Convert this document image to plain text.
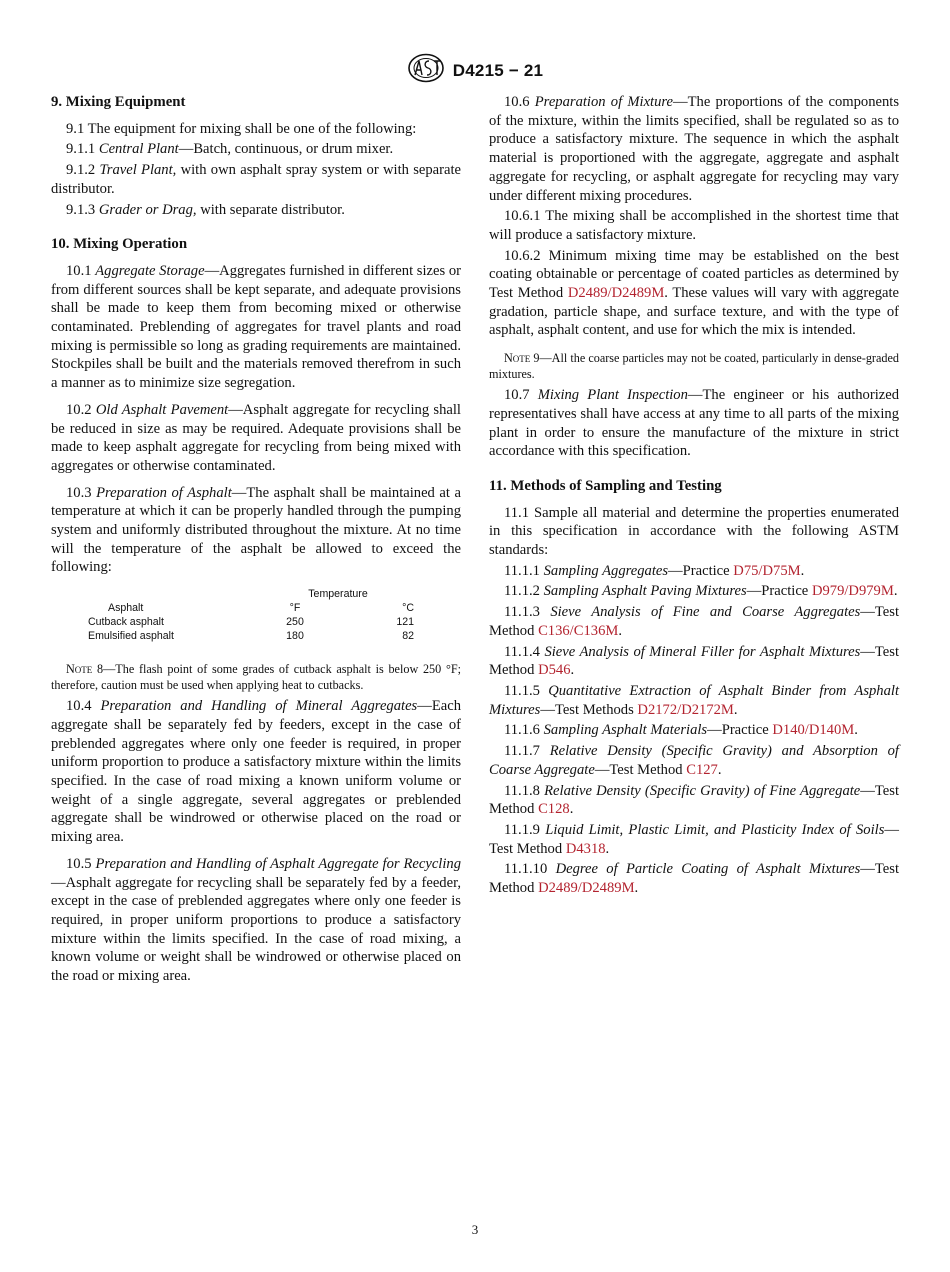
D4215 − 21
9. Mixing Equipment

9.1 The equipment for mixing shall be one of the following:

9.1.1 Central Plant—Batch, continuous, or drum mixer.

9.1.2 Travel Plant, with own asphalt spray system or with separate distributor.

9.1.3 Grader or Drag, with separate distributor.

10. Mixing Operation

10.1 Aggregate Storage—Aggregates furnished in different sizes or from different sources shall be kept separate, and adequate provisions shall be made to keep them from becoming mixed or otherwise contaminated. Preblending of aggregates for travel plants and road mixing is permissible so long as grading requirements are maintained. Stockpiles shall be built and the materials removed therefrom in such a manner as to minimize size segregation.

10.2 Old Asphalt Pavement—Asphalt aggregate for recycling shall be reduced in size as may be required. Adequate provisions shall be made to keep asphalt aggregate for recycling from being mixed with aggregates or otherwise contaminated.

10.3 Preparation of Asphalt—The asphalt shall be maintained at a temperature at which it can be properly handled through the pumping system and uniformly distributed throughout the mixture. At no time will the temperature of the asphalt be allowed to exceed the following:

	Temperature	
Asphalt	°F	°C
Cutback asphalt	250	121
Emulsified asphalt	180	82
Note 8—The flash point of some grades of cutback asphalt is below 250 °F; therefore, caution must be used when applying heat to cutbacks.

10.4 Preparation and Handling of Mineral Aggregates—Each aggregate shall be separately fed by feeders, except in the case of preblended aggregates where only one feeder is required, in proper uniform proportion to produce a satisfactory mixture within the limits specified. In the case of road mixing a known uniform volume or weight of a single aggregate, several aggregates or preblended aggregate shall be windrowed or otherwise placed on the road or mixing area.

10.5 Preparation and Handling of Asphalt Aggregate for Recycling—Asphalt aggregate for recycling shall be separately fed by a feeder, except in the case of preblended aggregates where only one feeder is required, in proper uniform proportions to produce a satisfactory mixture within the limits specified. In the case of road mixing, a known volume or weight shall be windrowed or otherwise placed on the road or mixing area.

10.6 Preparation of Mixture—The proportions of the components of the mixture, within the limits specified, shall be regulated so as to produce a satisfactory mixture. The sequence in which the asphalt material is proportioned with the aggregate, aggregate and asphalt aggregate for recycling, or asphalt aggregate for recycling may vary under different mixing procedures.

10.6.1 The mixing shall be accomplished in the shortest time that will produce a satisfactory mixture.

10.6.2 Minimum mixing time may be established on the best coating obtainable or percentage of coated particles as determined by Test Method D2489/D2489M. These values will vary with aggregate gradation, particle shape, and surface texture, and with the type of asphalt, asphalt content, and use for which the mix is intended.

Note 9—All the coarse particles may not be coated, particularly in dense-graded mixtures.

10.7 Mixing Plant Inspection—The engineer or his authorized representatives shall have access at any time to all parts of the mixing plant in order to ensure the manufacture of the mixture in strict accordance with this specification.

11. Methods of Sampling and Testing

11.1 Sample all material and determine the properties enumerated in this specification in accordance with the following ASTM standards:

11.1.1 Sampling Aggregates—Practice D75/D75M.

11.1.2 Sampling Asphalt Paving Mixtures—Practice D979/D979M.

11.1.3 Sieve Analysis of Fine and Coarse Aggregates—Test Method C136/C136M.

11.1.4 Sieve Analysis of Mineral Filler for Asphalt Mixtures—Test Method D546.

11.1.5 Quantitative Extraction of Asphalt Binder from Asphalt Mixtures—Test Methods D2172/D2172M.

11.1.6 Sampling Asphalt Materials—Practice D140/D140M.

11.1.7 Relative Density (Specific Gravity) and Absorption of Coarse Aggregate—Test Method C127.

11.1.8 Relative Density (Specific Gravity) of Fine Aggregate—Test Method C128.

11.1.9 Liquid Limit, Plastic Limit, and Plasticity Index of Soils—Test Method D4318.

11.1.10 Degree of Particle Coating of Asphalt Mixtures—Test Method D2489/D2489M.

3
